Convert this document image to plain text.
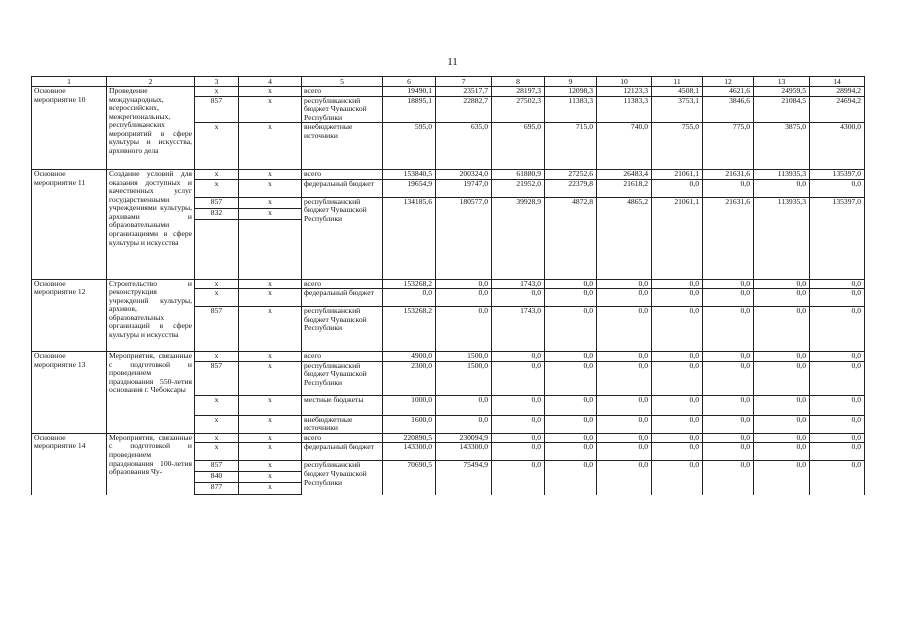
11
1	2	3	4	5	6	7	8	9	10	11	12	13	14
Основное мероприятие 10	Проведение международных, всероссийских, межрегиональных, республиканских мероприятий в сфере культуры и искусства, архивного дела	x	x	всего	19490,1	23517,7	28197,3	12098,3	12123,3	4508,1	4621,6	24959,5	28994,2
		857	x	республиканский бюджет Чувашской Республики	18895,1	22882,7	27502,3	11383,3	11383,3	3753,1	3846,6	21084,5	24694,2
		x	x	внебюджетные источники	595,0	635,0	695,0	715,0	740,0	755,0	775,0	3875,0	4300,0
Основное мероприятие 11	Создание условий для оказания доступных и качественных услуг государственными учреждениями культуры, архивами и образовательными организациями в сфере культуры и искусства	x	x	всего	153840,5	200324,0	61880,9	27252,6	26483,4	21061,1	21631,6	113935,3	135397,0
		x	x	федеральный бюджет	19654,9	19747,0	21952,0	22379,8	21618,2	0,0	0,0	0,0	0,0
		857	x	республиканский бюджет Чувашской Республики	134185,6	180577,0	39928,9	4872,8	4865,2	21061,1	21631,6	113935,3	135397,0
		832	x										

Основное мероприятие 12	Строительство и реконструкция учреждений культуры, архивов, образовательных организаций в сфере культуры и искусства	x	x	всего	153268,2	0,0	1743,0	0,0	0,0	0,0	0,0	0,0	0,0
		x	x	федеральный бюджет	0,0	0,0	0,0	0,0	0,0	0,0	0,0	0,0	0,0
		857	x	республиканский бюджет Чувашской Республики	153268,2	0,0	1743,0	0,0	0,0	0,0	0,0	0,0	0,0
Основное мероприятие 13	Мероприятия, связанные с подготовкой и проведением празднования 550-летия основания г. Чебоксары	x	x	всего	4900,0	1500,0	0,0	0,0	0,0	0,0	0,0	0,0	0,0
		857	x	республиканский бюджет Чувашской Республики	2300,0	1500,0	0,0	0,0	0,0	0,0	0,0	0,0	0,0
		x	x	местные бюджеты	1000,0	0,0	0,0	0,0	0,0	0,0	0,0	0,0	0,0
		x	x	внебюджетные источники	1600,0	0,0	0,0	0,0	0,0	0,0	0,0	0,0	0,0
Основное мероприятие 14	Мероприятия, связанные с подготовкой и проведением празднования 100-летия образования Чу-	x	x	всего	220890,5	230094,9	0,0	0,0	0,0	0,0	0,0	0,0	0,0
		x	x	федеральный бюджет	143300,0	143300,0	0,0	0,0	0,0	0,0	0,0	0,0	0,0
		857	x	республиканский бюджет Чувашской Республики	70690,5	75494,9	0,0	0,0	0,0	0,0	0,0	0,0	0,0
		840	x										
		877	x										
